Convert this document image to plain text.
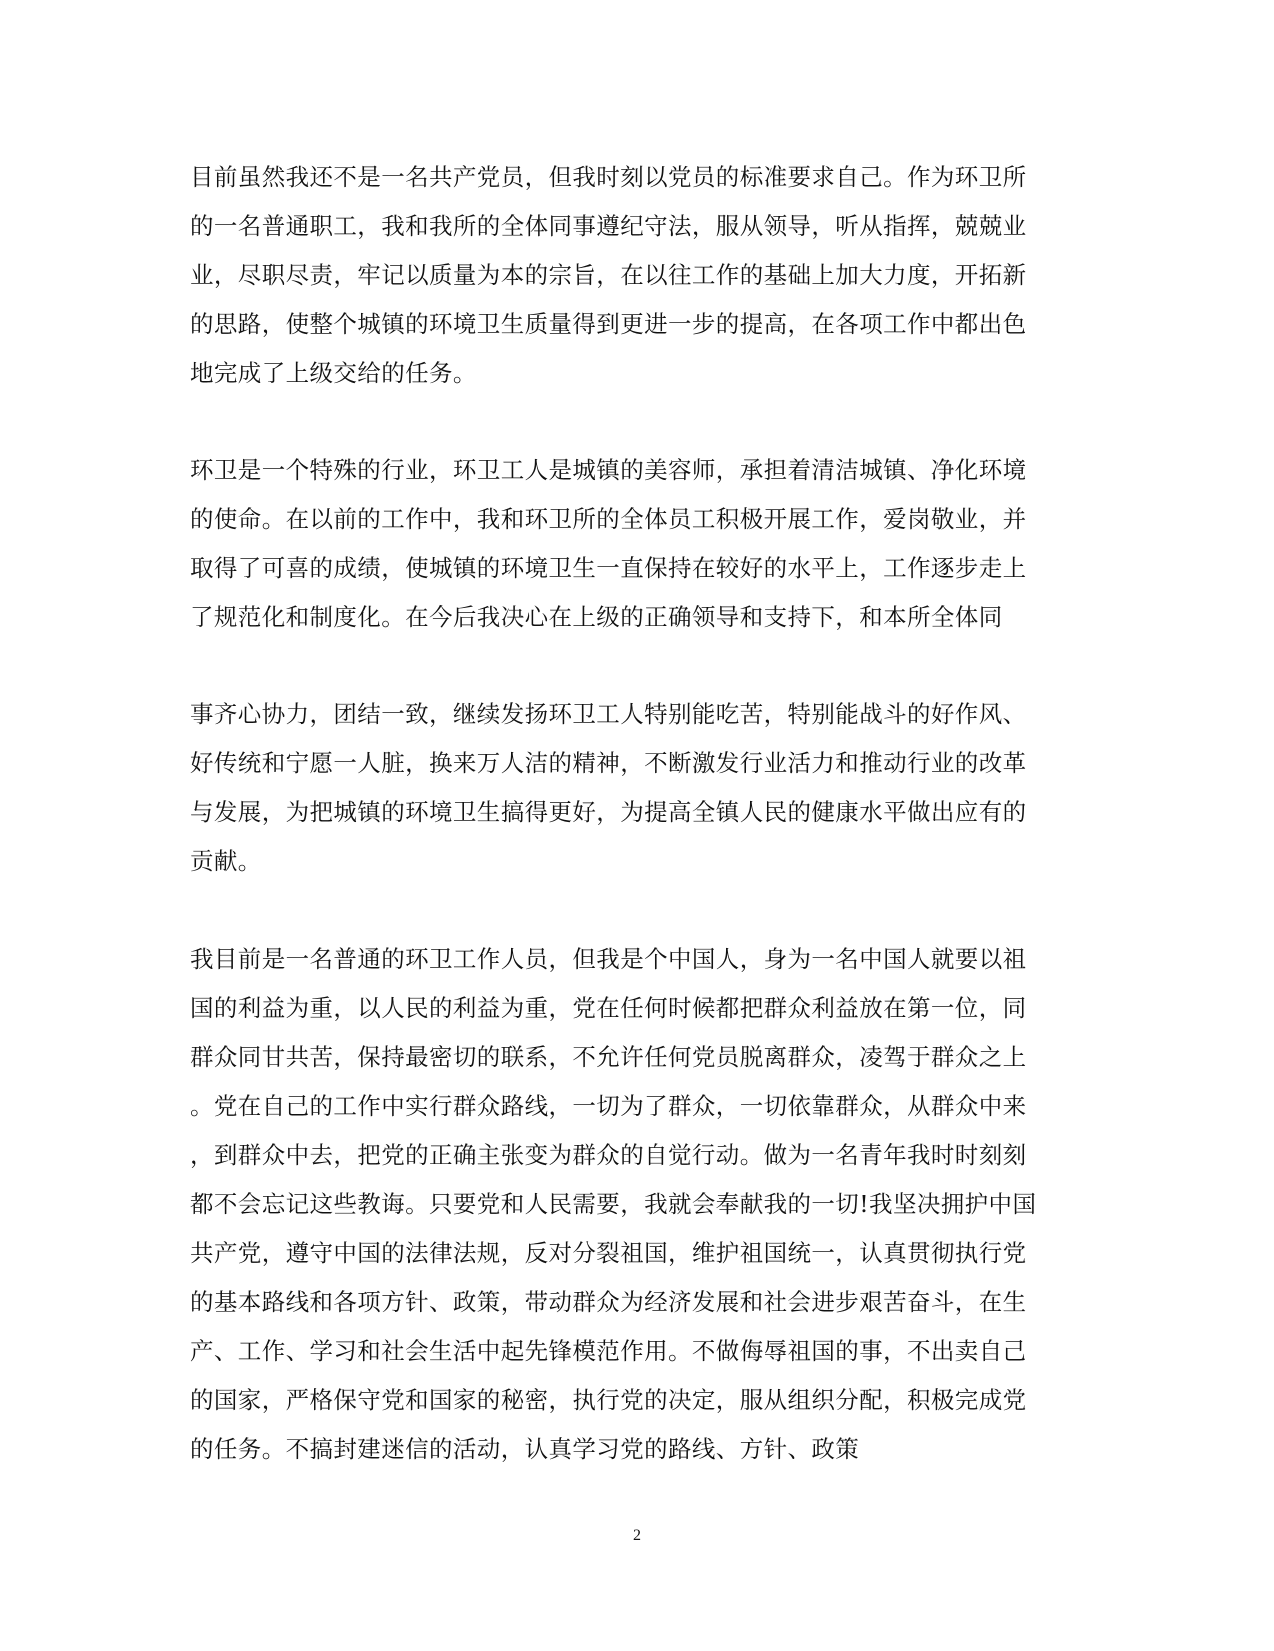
目前虽然我还不是一名共产党员，但我时刻以党员的标准要求自己。作为环卫所
的一名普通职工，我和我所的全体同事遵纪守法，服从领导，听从指挥，兢兢业
业，尽职尽责，牢记以质量为本的宗旨，在以往工作的基础上加大力度，开拓新
的思路，使整个城镇的环境卫生质量得到更进一步的提高，在各项工作中都出色
地完成了上级交给的任务。
环卫是一个特殊的行业，环卫工人是城镇的美容师，承担着清洁城镇、净化环境
的使命。在以前的工作中，我和环卫所的全体员工积极开展工作，爱岗敬业，并
取得了可喜的成绩，使城镇的环境卫生一直保持在较好的水平上，工作逐步走上
了规范化和制度化。在今后我决心在上级的正确领导和支持下，和本所全体同
事齐心协力，团结一致，继续发扬环卫工人特别能吃苦，特别能战斗的好作风、
好传统和宁愿一人脏，换来万人洁的精神，不断激发行业活力和推动行业的改革
与发展，为把城镇的环境卫生搞得更好，为提高全镇人民的健康水平做出应有的
贡献。
我目前是一名普通的环卫工作人员，但我是个中国人，身为一名中国人就要以祖
国的利益为重，以人民的利益为重，党在任何时候都把群众利益放在第一位，同
群众同甘共苦，保持最密切的联系，不允许任何党员脱离群众，凌驾于群众之上
。党在自己的工作中实行群众路线，一切为了群众，一切依靠群众，从群众中来
，到群众中去，把党的正确主张变为群众的自觉行动。做为一名青年我时时刻刻
都不会忘记这些教诲。只要党和人民需要，我就会奉献我的一切!我坚决拥护中国
共产党，遵守中国的法律法规，反对分裂祖国，维护祖国统一，认真贯彻执行党
的基本路线和各项方针、政策，带动群众为经济发展和社会进步艰苦奋斗，在生
产、工作、学习和社会生活中起先锋模范作用。不做侮辱祖国的事，不出卖自己
的国家，严格保守党和国家的秘密，执行党的决定，服从组织分配，积极完成党
的任务。不搞封建迷信的活动，认真学习党的路线、方针、政策
2
